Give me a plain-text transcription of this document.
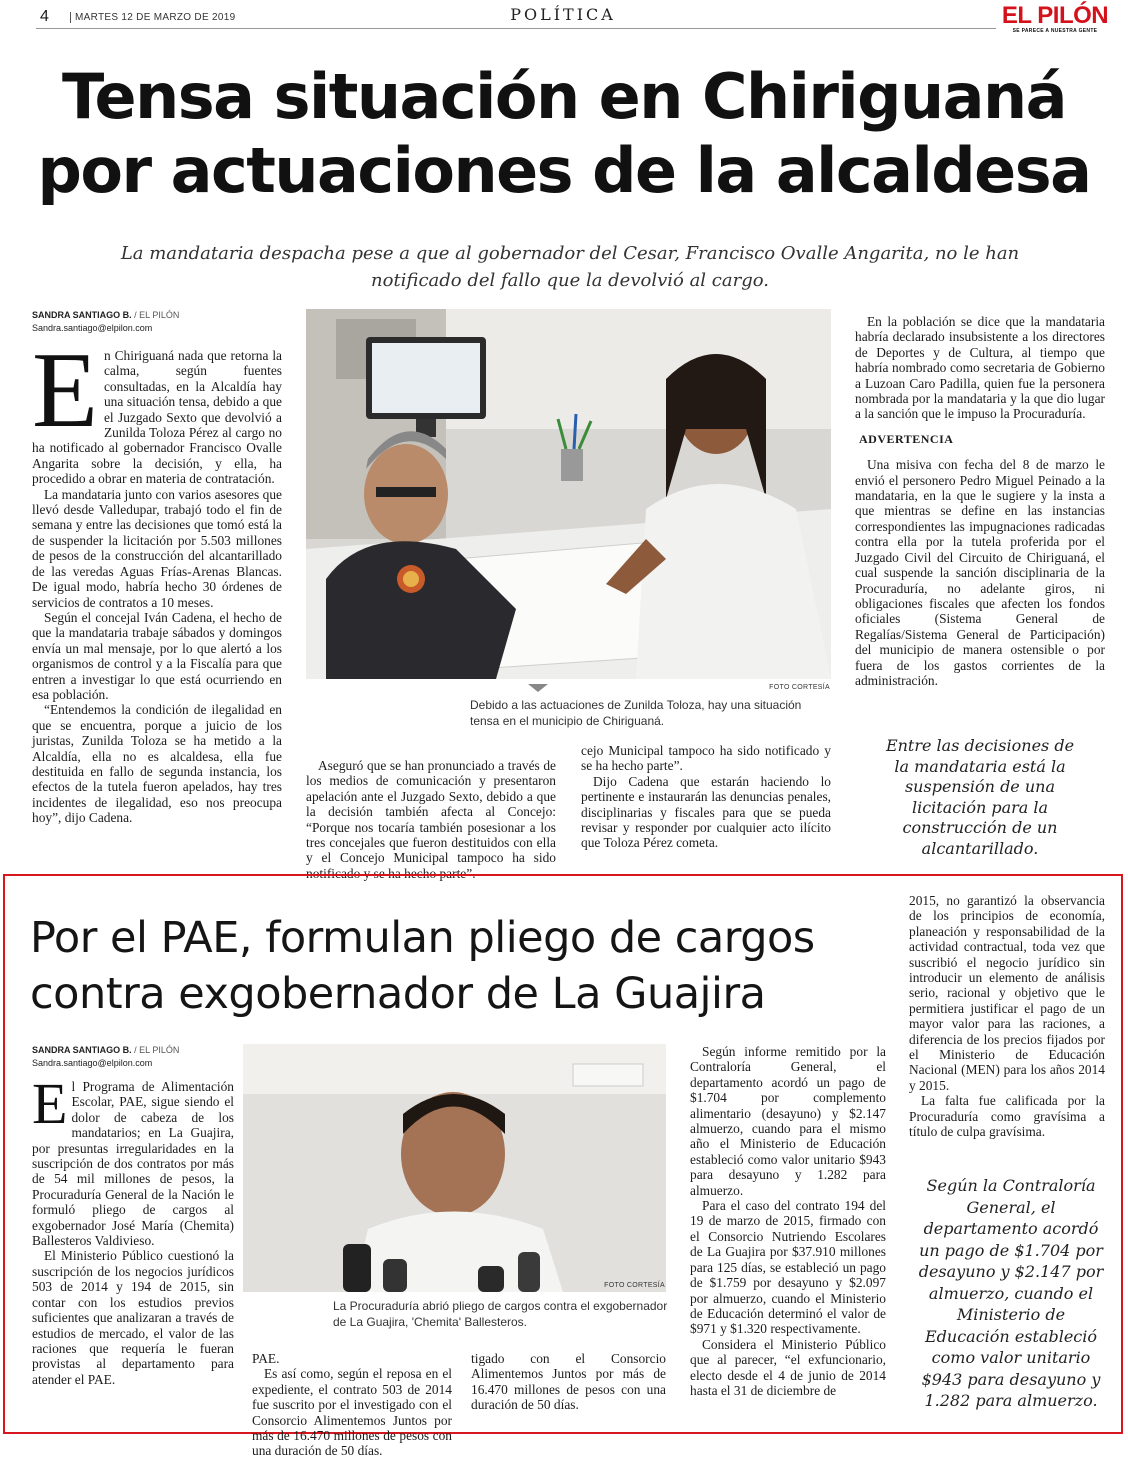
4	MARTES 12 DE MARZO DE 2019	POLÍTICA	EL PILÓN
SE PARECE A NUESTRA GENTE
Tensa situación en Chiriguaná
por actuaciones de la alcaldesa
La mandataria despacha pese a que al gobernador del Cesar, Francisco Ovalle Angarita, no le han
notificado del fallo que la devolvió al cargo.
SANDRA SANTIAGO B. / EL PILÓN
Sandra.santiago@elpilon.com

En Chiriguaná nada que retorna la calma, según fuentes consultadas, en la Alcaldía hay una situación tensa, debido a que el Juzgado Sexto que devolvió a Zunilda Toloza Pérez al cargo no ha notificado al gobernador Francisco Ovalle Angarita sobre la decisión, y ella, ha procedido a obrar en materia de contratación.

La mandataria junto con varios asesores que llevó desde Valledupar, trabajó todo el fin de semana y entre las decisiones que tomó está la de suspender la licitación por 5.503 millones de pesos de la construcción del alcantarillado de las veredas Aguas Frías-Arenas Blancas. De igual modo, habría hecho 30 órdenes de servicios de contratos a 10 meses.

Según el concejal Iván Cadena, el hecho de que la mandataria trabaje sábados y domingos envía un mal mensaje, por lo que alertó a los organismos de control y a la Fiscalía para que entren a investigar lo que está ocurriendo en esa población.

“Entendemos la condición de ilegalidad en que se encuentra, porque a juicio de los juristas, Zunilda Toloza se ha metido a la Alcaldía, ella no es alcaldesa, ella fue destituida en fallo de segunda instancia, los efectos de la tutela fueron apelados, hay tres incidentes de ilegalidad, eso nos preocupa hoy”, dijo Cadena.

FOTO CORTESÍA
Debido a las actuaciones de Zunilda Toloza, hay una situación tensa en el municipio de Chiriguaná.

Aseguró que se han pronunciado a través de los medios de comunicación y presentaron apelación ante el Juzgado Sexto, debido a que la decisión también afecta al Concejo: “Porque nos tocaría también posesionar a los tres concejales que fueron destituidos con ella y el Concejo Municipal tampoco ha sido notificado y se ha hecho parte”.

cejo Municipal tampoco ha sido notificado y se ha hecho parte”.

Dijo Cadena que estarán haciendo lo pertinente e instaurarán las denuncias penales, disciplinarias y fiscales para que se pueda revisar y responder por cualquier acto ilícito que Toloza Pérez cometa.

En la población se dice que la mandataria habría declarado insubsistente a los directores de Deportes y de Cultura, al tiempo que habría nombrado como secretaria de Gobierno a Luzoan Caro Padilla, quien fue la personera nombrada por la mandataria y la que dio lugar a la sanción que le impuso la Procuraduría.

ADVERTENCIA

Una misiva con fecha del 8 de marzo le envió el personero Pedro Miguel Peinado a la mandataria, en la que le sugiere y la insta a que mientras se define en las instancias correspondientes las impugnaciones radicadas contra ella por la tutela proferida por el Juzgado Civil del Circuito de Chiriguaná, el cual suspende la sanción disciplinaria de la Procuraduría, no adelante giros, ni obligaciones fiscales que afecten los fondos oficiales (Sistema General de Regalías/Sistema General de Participación) del municipio de manera ostensible o por fuera de los gastos corrientes de la administración.

Entre las decisiones de la mandataria está la suspensión de una licitación para la construcción de un alcantarillado.
Por el PAE, formulan pliego de cargos
contra exgobernador de La Guajira
SANDRA SANTIAGO B. / EL PILÓN
Sandra.santiago@elpilon.com

El Programa de Alimentación Escolar, PAE, sigue siendo el dolor de cabeza de los mandatarios; en La Guajira, por presuntas irregularidades en la suscripción de dos contratos por más de 54 mil millones de pesos, la Procuraduría General de la Nación le formuló pliego de cargos al exgobernador José María (Chemita) Ballesteros Valdivieso.

El Ministerio Público cuestionó la suscripción de los negocios jurídicos 503 de 2014 y 194 de 2015, sin contar con los estudios previos suficientes que analizaran a través de estudios de mercado, el valor de las raciones que requería le fueran provistas al departamento para atender el PAE.

FOTO CORTESÍA
La Procuraduría abrió pliego de cargos contra el exgobernador de La Guajira, 'Chemita' Ballesteros.

PAE.

Es así como, según el reposa en el expediente, el contrato 503 de 2014 fue suscrito por el investigado con el Consorcio Alimentemos Juntos por más de 16.470 millones de pesos con una duración de 50 días.

tigado con el Consorcio Alimentemos Juntos por más de 16.470 millones de pesos con una duración de 50 días.

Según informe remitido por la Contraloría General, el departamento acordó un pago de $1.704 por complemento alimentario (desayuno) y $2.147 almuerzo, cuando para el mismo año el Ministerio de Educación estableció como valor unitario $943 para desayuno y 1.282 para almuerzo.

Para el caso del contrato 194 del 19 de marzo de 2015, firmado con el Consorcio Nutriendo Escolares de La Guajira por $37.910 millones para 125 días, se estableció un pago de $1.759 por desayuno y $2.097 por almuerzo, cuando el Ministerio de Educación determinó el valor de $971 y $1.320 respectivamente.

Considera el Ministerio Público que al parecer, “el exfuncionario, electo desde el 4 de junio de 2014 hasta el 31 de diciembre de

2015, no garantizó la observancia de los principios de economía, planeación y responsabilidad de la actividad contractual, toda vez que suscribió el negocio jurídico sin introducir un elemento de análisis serio, racional y objetivo que le permitiera justificar el pago de un mayor valor para las raciones, a diferencia de los precios fijados por el Ministerio de Educación Nacional (MEN) para los años 2014 y 2015.

La falta fue calificada por la Procuraduría como gravísima a título de culpa gravísima.

Según la Contraloría General, el departamento acordó un pago de $1.704 por desayuno y $2.147 por almuerzo, cuando el Ministerio de Educación estableció como valor unitario $943 para desayuno y 1.282 para almuerzo.
